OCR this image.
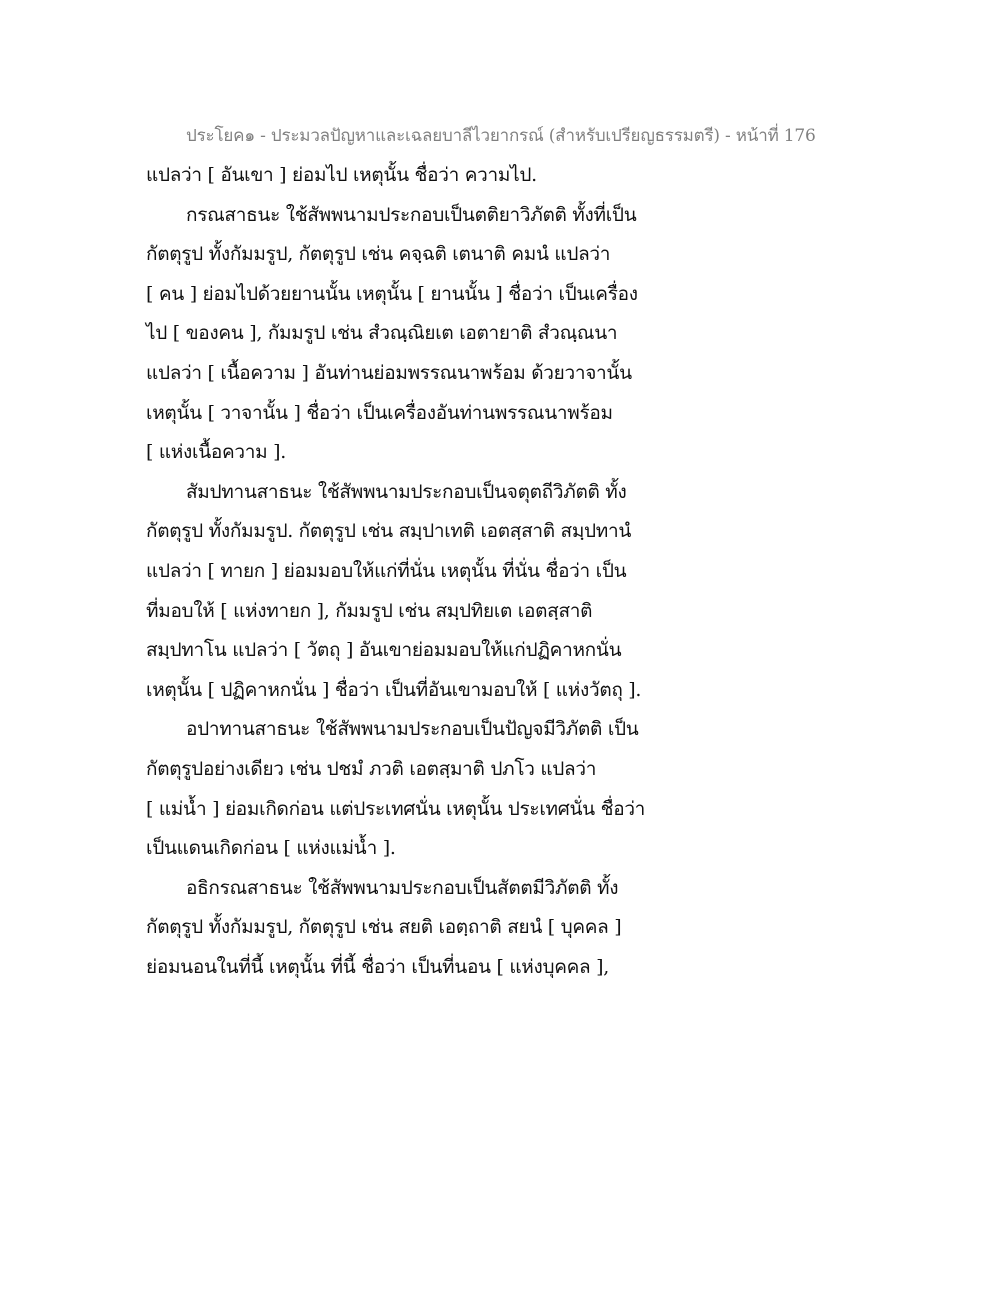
ประโยค๑ - ประมวลปัญหาและเฉลยบาลีไวยากรณ์ (สำหรับเปรียญธรรมตรี) - หน้าที่ 176
แปลว่า [ อันเขา ] ย่อมไป เหตุนั้น ชื่อว่า ความไป.
กรณสาธนะ ใช้สัพพนามประกอบเป็นตติยาวิภัตติ ทั้งที่เป็น
กัตตุรูป ทั้งกัมมรูป, กัตตุรูป เช่น คจฺฉติ เตนาติ คมนํ แปลว่า
[ คน ] ย่อมไปด้วยยานนั้น เหตุนั้น [ ยานนั้น ] ชื่อว่า เป็นเครื่อง
ไป [ ของคน ], กัมมรูป เช่น สํวณฺณิยเต เอตายาติ สํวณฺณนา
แปลว่า [ เนื้อความ ] อันท่านย่อมพรรณนาพร้อม ด้วยวาจานั้น
เหตุนั้น [ วาจานั้น ] ชื่อว่า เป็นเครื่องอันท่านพรรณนาพร้อม
[ แห่งเนื้อความ ].
สัมปทานสาธนะ ใช้สัพพนามประกอบเป็นจตุตถีวิภัตติ ทั้ง
กัตตุรูป ทั้งกัมมรูป. กัตตุรูป เช่น สมฺปาเทติ เอตสฺสาติ สมฺปทานํ
แปลว่า [ ทายก ] ย่อมมอบให้แก่ที่นั่น เหตุนั้น ที่นั่น ชื่อว่า เป็น
ที่มอบให้ [ แห่งทายก ], กัมมรูป เช่น สมฺปทิยเต เอตสฺสาติ
สมฺปทาโน แปลว่า [ วัตถุ ] อันเขาย่อมมอบให้แก่ปฏิคาหกนั่น
เหตุนั้น [ ปฏิคาหกนั่น ] ชื่อว่า เป็นที่อันเขามอบให้ [ แห่งวัตถุ ].
อปาทานสาธนะ ใช้สัพพนามประกอบเป็นปัญจมีวิภัตติ เป็น
กัตตุรูปอย่างเดียว เช่น ปชมํ ภวติ เอตสฺมาติ ปภโว แปลว่า
[ แม่น้ำ ] ย่อมเกิดก่อน แต่ประเทศนั่น เหตุนั้น ประเทศนั่น ชื่อว่า
เป็นแดนเกิดก่อน [ แห่งแม่น้ำ ].
อธิกรณสาธนะ ใช้สัพพนามประกอบเป็นสัตตมีวิภัตติ ทั้ง
กัตตุรูป ทั้งกัมมรูป, กัตตุรูป เช่น สยติ เอตฺถาติ สยนํ [ บุคคล ]
ย่อมนอนในที่นี้ เหตุนั้น ที่นี้ ชื่อว่า เป็นที่นอน [ แห่งบุคคล ],
